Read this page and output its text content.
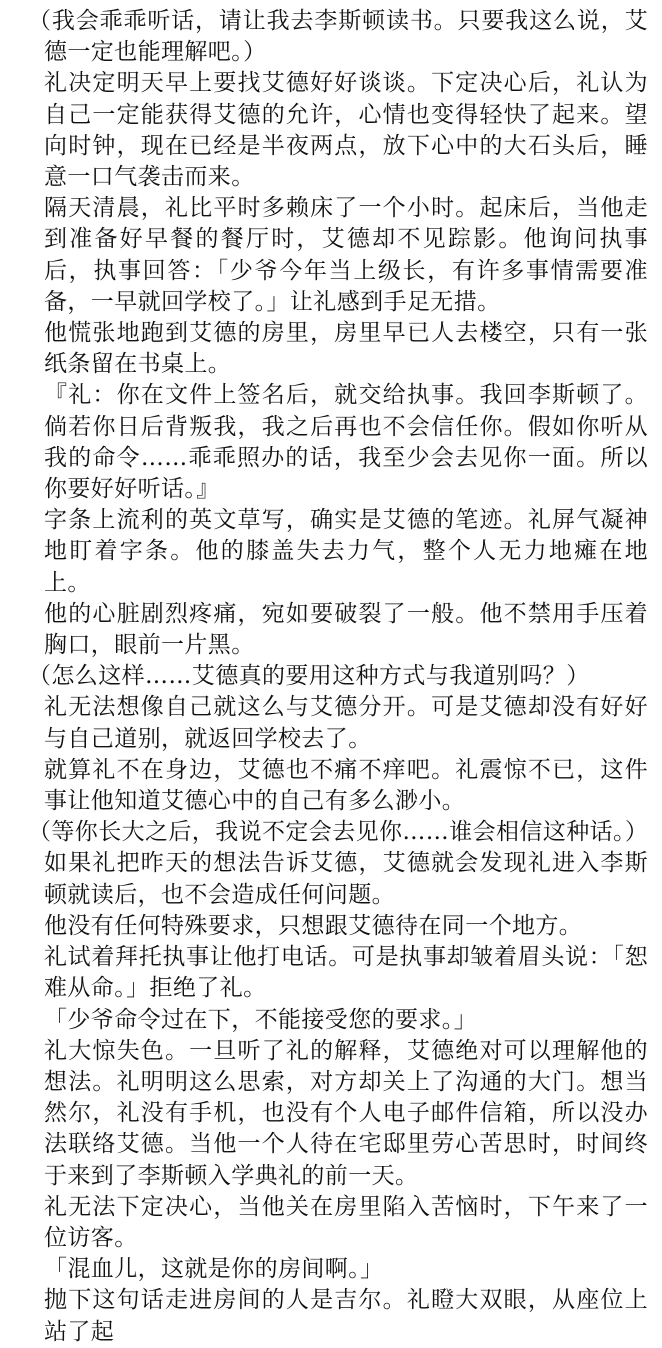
（我会乖乖听话，请让我去李斯顿读书。只要我这么说，艾德一定也能理解吧。）

礼决定明天早上要找艾德好好谈谈。下定决心后，礼认为自己一定能获得艾德的允许，心情也变得轻快了起来。望向时钟，现在已经是半夜两点，放下心中的大石头后，睡意一口气袭击而来。

隔天清晨，礼比平时多赖床了一个小时。起床后，当他走到准备好早餐的餐厅时，艾德却不见踪影。他询问执事后，执事回答：「少爷今年当上级长，有许多事情需要准备，一早就回学校了。」让礼感到手足无措。

他慌张地跑到艾德的房里，房里早已人去楼空，只有一张纸条留在书桌上。

『礼：你在文件上签名后，就交给执事。我回李斯顿了。倘若你日后背叛我，我之后再也不会信任你。假如你听从我的命令……乖乖照办的话，我至少会去见你一面。所以你要好好听话。』

字条上流利的英文草写，确实是艾德的笔迹。礼屏气凝神地盯着字条。他的膝盖失去力气，整个人无力地瘫在地上。

他的心脏剧烈疼痛，宛如要破裂了一般。他不禁用手压着胸口，眼前一片黑。

（怎么这样……艾德真的要用这种方式与我道别吗？）

礼无法想像自己就这么与艾德分开。可是艾德却没有好好与自己道别，就返回学校去了。

就算礼不在身边，艾德也不痛不痒吧。礼震惊不已，这件事让他知道艾德心中的自己有多么渺小。

（等你长大之后，我说不定会去见你……谁会相信这种话。）

如果礼把昨天的想法告诉艾德，艾德就会发现礼进入李斯顿就读后，也不会造成任何问题。

他没有任何特殊要求，只想跟艾德待在同一个地方。

礼试着拜托执事让他打电话。可是执事却皱着眉头说：「恕难从命。」拒绝了礼。

「少爷命令过在下，不能接受您的要求。」

礼大惊失色。一旦听了礼的解释，艾德绝对可以理解他的想法。礼明明这么思索，对方却关上了沟通的大门。想当然尔，礼没有手机，也没有个人电子邮件信箱，所以没办法联络艾德。当他一个人待在宅邸里劳心苦思时，时间终于来到了李斯顿入学典礼的前一天。

礼无法下定决心，当他关在房里陷入苦恼时，下午来了一位访客。

「混血儿，这就是你的房间啊。」

抛下这句话走进房间的人是吉尔。礼瞪大双眼，从座位上站了起
